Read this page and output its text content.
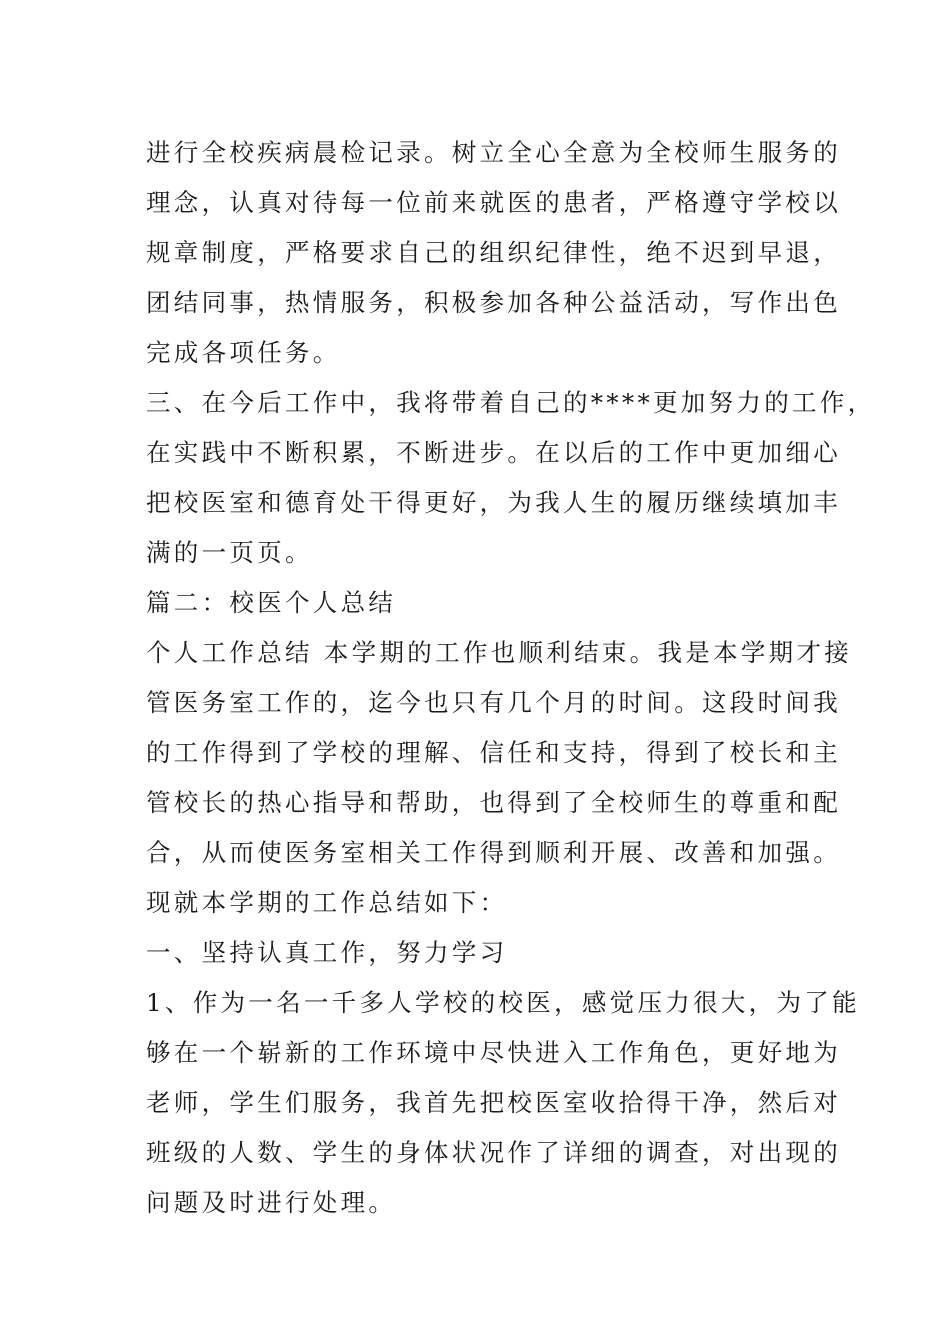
进行全校疾病晨检记录。树立全心全意为全校师生服务的
理念，认真对待每一位前来就医的患者，严格遵守学校以
规章制度，严格要求自己的组织纪律性，绝不迟到早退，
团结同事，热情服务，积极参加各种公益活动，写作出色
完成各项任务。
三、在今后工作中，我将带着自己的****更加努力的工作，
在实践中不断积累，不断进步。在以后的工作中更加细心
把校医室和德育处干得更好，为我人生的履历继续填加丰
满的一页页。
篇二：校医个人总结
个人工作总结 本学期的工作也顺利结束。我是本学期才接
管医务室工作的，迄今也只有几个月的时间。这段时间我
的工作得到了学校的理解、信任和支持，得到了校长和主
管校长的热心指导和帮助，也得到了全校师生的尊重和配
合，从而使医务室相关工作得到顺利开展、改善和加强。
现就本学期的工作总结如下：
一、坚持认真工作，努力学习
1、作为一名一千多人学校的校医，感觉压力很大，为了能
够在一个崭新的工作环境中尽快进入工作角色，更好地为
老师，学生们服务，我首先把校医室收拾得干净，然后对
班级的人数、学生的身体状况作了详细的调查，对出现的
问题及时进行处理。
